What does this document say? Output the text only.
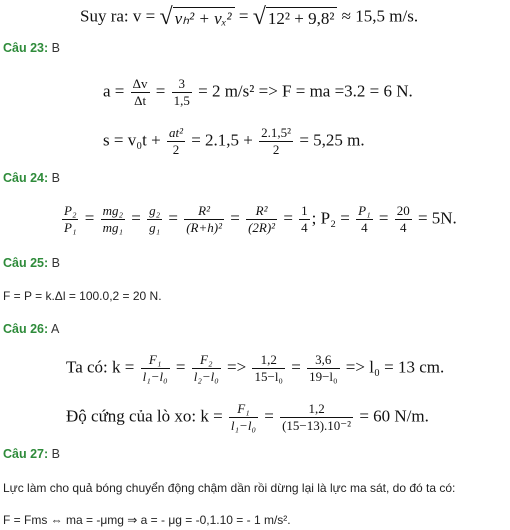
Suy ra: v = √ vₕ² + vₓ² = √ 12² + 9,8² ≈ 15,5 m/s.
Câu 23: B
$a = \frac{\Delta v}{\Delta t} = \frac{3}{1,5} = 2$ m/s² => F = ma =3.2 = 6 N.
$s = v_0t + \frac{\text{at²}}{2} = 2.1,5 + \frac{\text{2.1,5²}}{2} = 5,25$ m.
Câu 24: B
$\frac{\text{P₂}}{\text{P₁}} = \frac{\text{mg₂}}{\text{mg₁}} = \frac{\text{g₂}}{\text{g₁}} = \frac{\text{R²}}{\text{(R+h)²}} = \frac{\text{R²}}{\text{(2R)²}} = \frac{1}{4}$ ; $P_2 = \frac{\text{P₁}}{4} = \frac{20}{4} = 5N$.
Câu 25: B
F = P = k.Δl = 100.0,2 = 20 N.
Câu 26: A
Ta có: $k = \frac{\text{F₁}}{\text{l₁−l₀}} = \frac{\text{F₂}}{\text{l₂−l₀}} => \frac{1,2}{\text{15−l₀}} = \frac{3,6}{\text{19−l₀}} => l_0 = 13$ cm.
Độ cứng của lò xo: $k = \frac{\text{F₁}}{\text{l₁−l₀}} = \frac{1,2}{\text{(15−13).10⁻²}} = 60$ N/m.
Câu 27: B
Lực làm cho quả bóng chuyển động chậm dần rồi dừng lại là lực ma sát, do đó ta có:
F = Fms ⇔ ma = -μmg ⇒ a = - μg = -0,1.10 = - 1 m/s².
